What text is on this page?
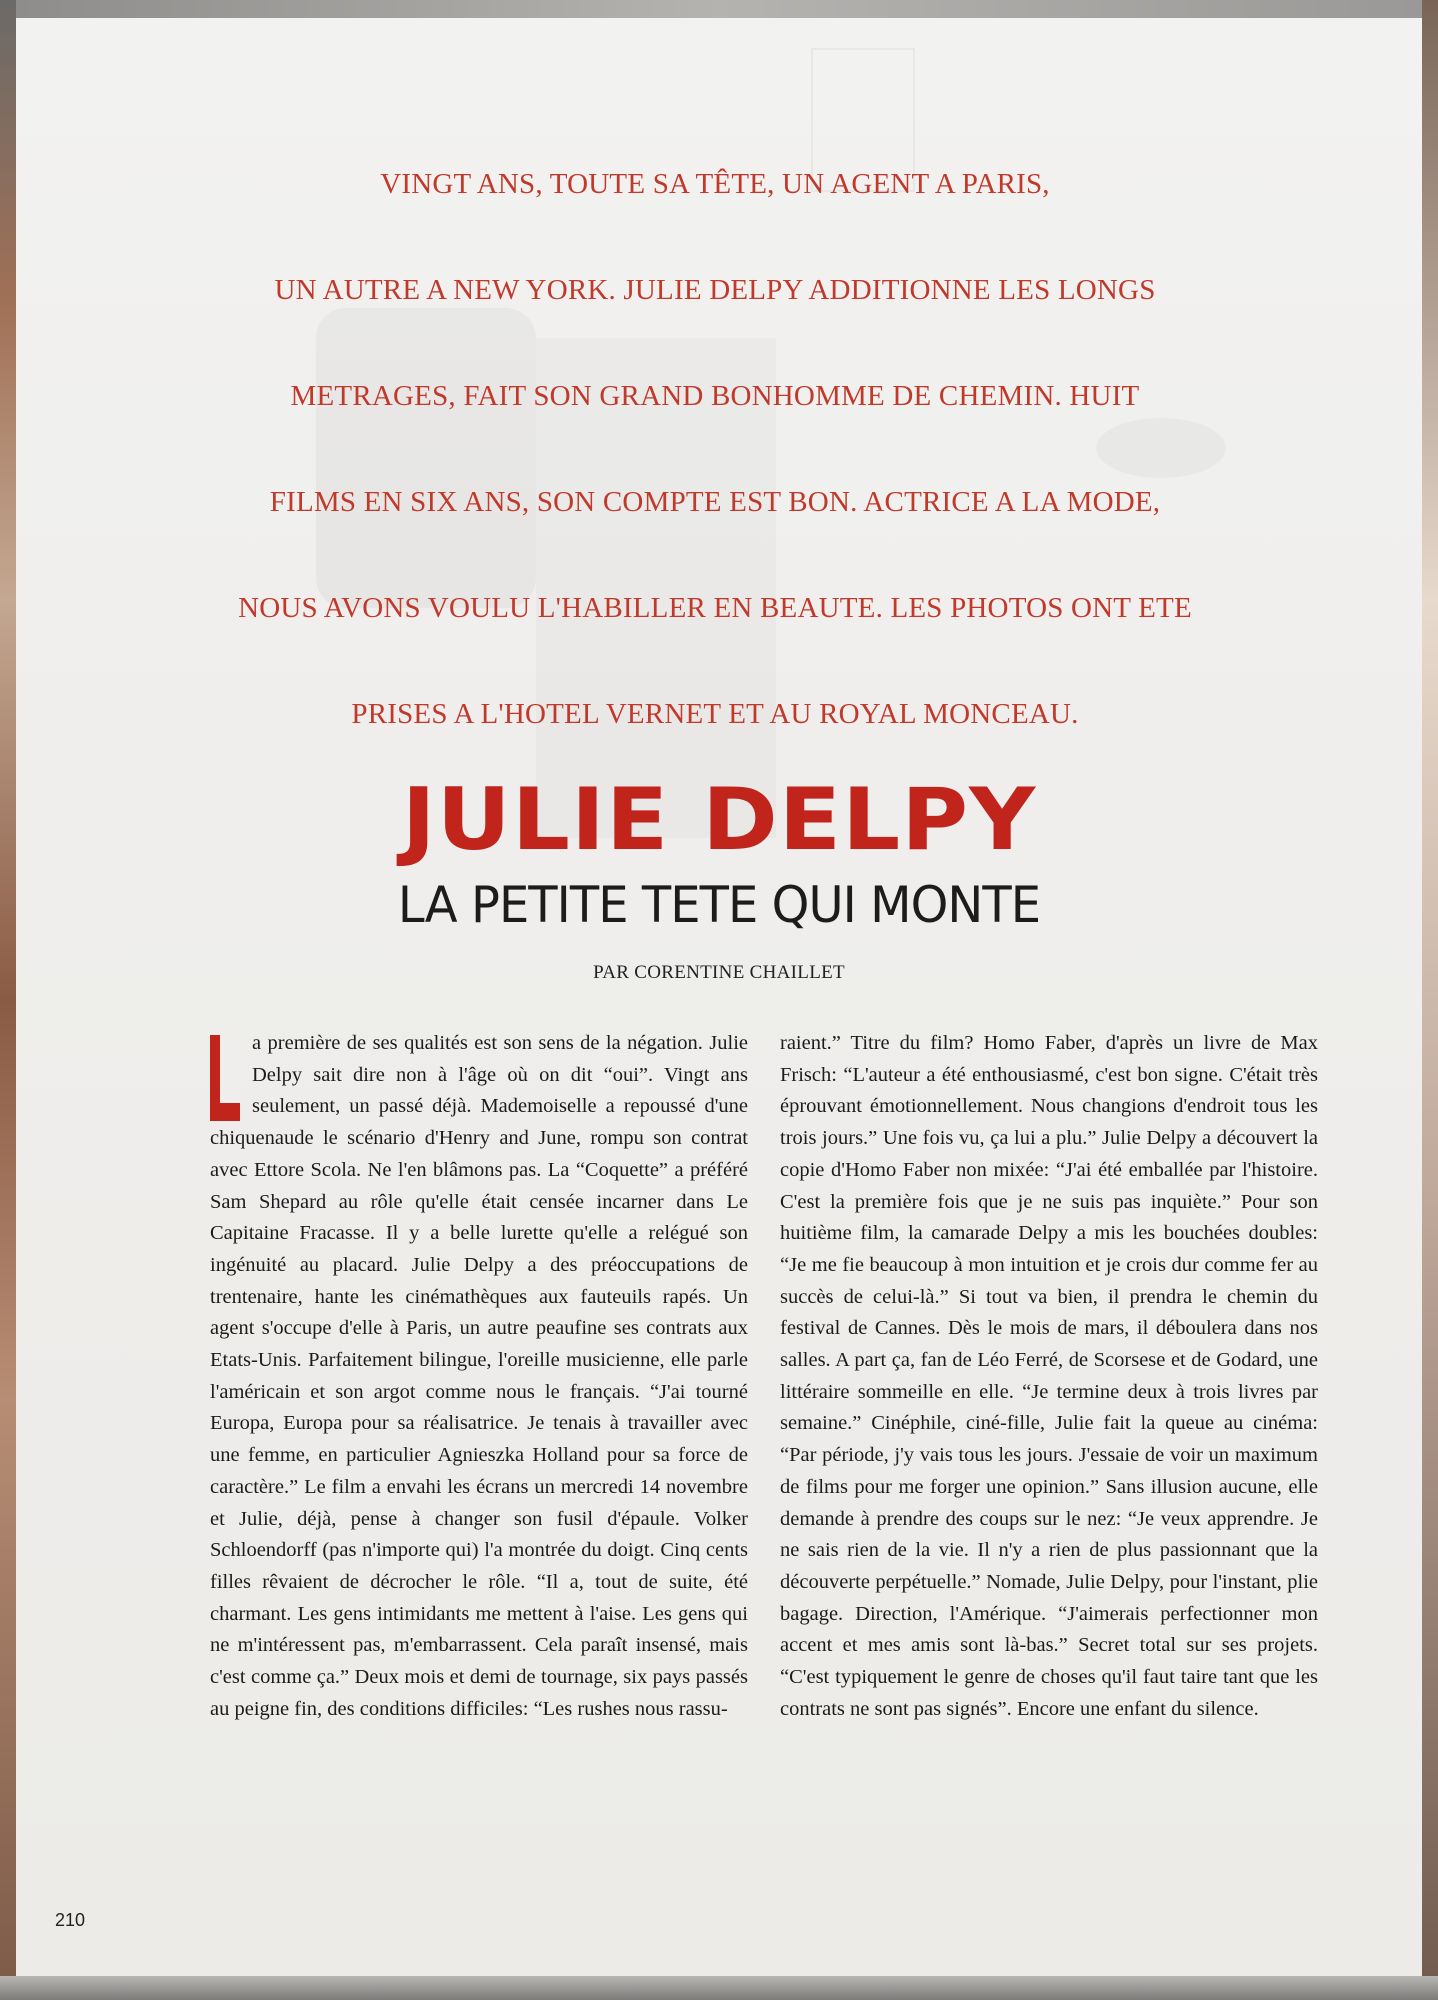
VINGT ANS, TOUTE SA TÊTE, UN AGENT A PARIS,
UN AUTRE A NEW YORK. JULIE DELPY ADDITIONNE LES LONGS
METRAGES, FAIT SON GRAND BONHOMME DE CHEMIN. HUIT
FILMS EN SIX ANS, SON COMPTE EST BON. ACTRICE A LA MODE,
NOUS AVONS VOULU L'HABILLER EN BEAUTE. LES PHOTOS ONT ETE
PRISES A L'HOTEL VERNET ET AU ROYAL MONCEAU.
JULIE DELPY
LA PETITE TETE QUI MONTE
PAR CORENTINE CHAILLET

a première de ses qualités est son sens de la négation. Julie Delpy sait dire non à l'âge où on dit “oui”. Vingt ans seulement, un passé déjà. Mademoiselle a repoussé d'une chiquenaude le scénario d'Henry and June, rompu son contrat avec Ettore Scola. Ne l'en blâmons pas. La “Coquette” a préféré Sam Shepard au rôle qu'elle était censée incarner dans Le Capitaine Fracasse. Il y a belle lurette qu'elle a relégué son ingénuité au placard. Julie Delpy a des préoccupations de trentenaire, hante les cinémathèques aux fauteuils rapés. Un agent s'occupe d'elle à Paris, un autre peaufine ses contrats aux Etats-Unis. Parfaitement bilingue, l'oreille musicienne, elle parle l'américain et son argot comme nous le français. “J'ai tourné Europa, Europa pour sa réalisatrice. Je tenais à travailler avec une femme, en particulier Agnieszka Holland pour sa force de caractère.” Le film a envahi les écrans un mercredi 14 novembre et Julie, déjà, pense à changer son fusil d'épaule. Volker Schloendorff (pas n'importe qui) l'a montrée du doigt. Cinq cents filles rêvaient de décrocher le rôle. “Il a, tout de suite, été charmant. Les gens intimidants me mettent à l'aise. Les gens qui ne m'intéressent pas, m'embarrassent. Cela paraît insensé, mais c'est comme ça.” Deux mois et demi de tournage, six pays passés au peigne fin, des conditions difficiles: “Les rushes nous rassu-

raient.” Titre du film? Homo Faber, d'après un livre de Max Frisch: “L'auteur a été enthousiasmé, c'est bon signe. C'était très éprouvant émotionnellement. Nous changions d'endroit tous les trois jours.” Une fois vu, ça lui a plu.” Julie Delpy a découvert la copie d'Homo Faber non mixée: “J'ai été emballée par l'histoire. C'est la première fois que je ne suis pas inquiète.” Pour son huitième film, la camarade Delpy a mis les bouchées doubles: “Je me fie beaucoup à mon intuition et je crois dur comme fer au succès de celui-là.” Si tout va bien, il prendra le chemin du festival de Cannes. Dès le mois de mars, il déboulera dans nos salles. A part ça, fan de Léo Ferré, de Scorsese et de Godard, une littéraire sommeille en elle. “Je termine deux à trois livres par semaine.” Cinéphile, ciné-fille, Julie fait la queue au cinéma: “Par période, j'y vais tous les jours. J'essaie de voir un maximum de films pour me forger une opinion.” Sans illusion aucune, elle demande à prendre des coups sur le nez: “Je veux apprendre. Je ne sais rien de la vie. Il n'y a rien de plus passionnant que la découverte perpétuelle.” Nomade, Julie Delpy, pour l'instant, plie bagage. Direction, l'Amérique. “J'aimerais perfectionner mon accent et mes amis sont là-bas.” Secret total sur ses projets. “C'est typiquement le genre de choses qu'il faut taire tant que les contrats ne sont pas signés”. Encore une enfant du silence.

210
